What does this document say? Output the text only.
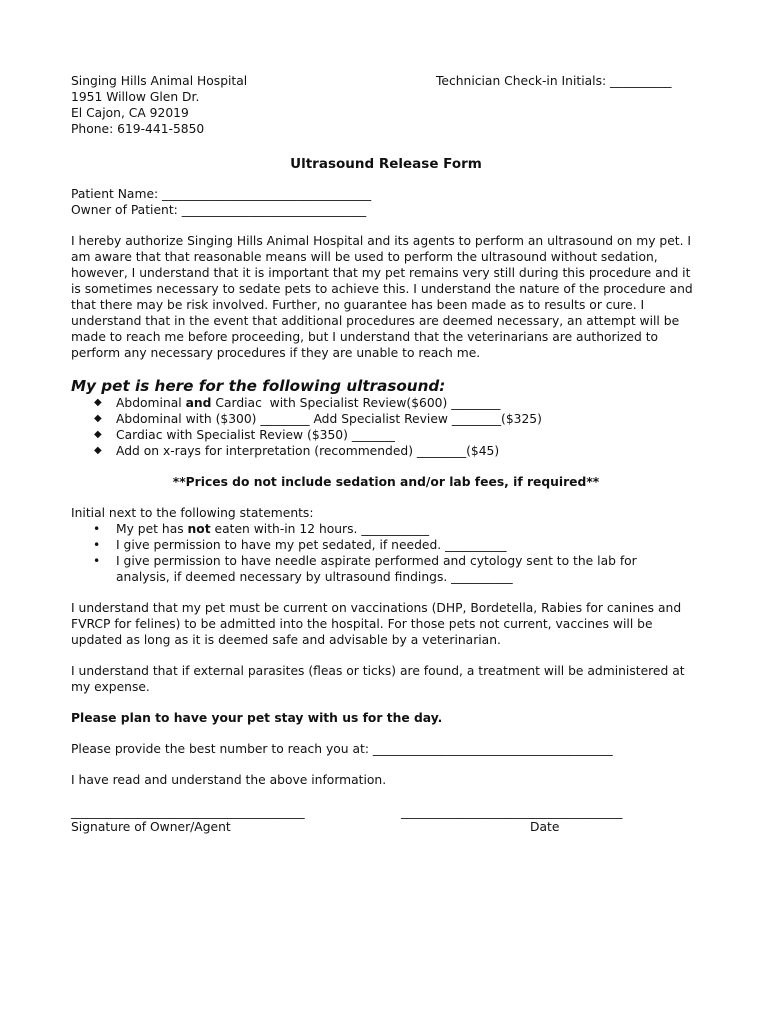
Singing Hills Animal Hospital
1951 Willow Glen Dr.
El Cajon, CA 92019
Phone: 619-441-5850
Technician Check-in Initials: __________
Ultrasound Release Form
Patient Name: __________________________________
Owner of Patient: ______________________________
I hereby authorize Singing Hills Animal Hospital and its agents to perform an ultrasound on my pet. I am aware that that reasonable means will be used to perform the ultrasound without sedation, however, I understand that it is important that my pet remains very still during this procedure and it is sometimes necessary to sedate pets to achieve this. I understand the nature of the procedure and that there may be risk involved. Further, no guarantee has been made as to results or cure. I understand that in the event that additional procedures are deemed necessary, an attempt will be made to reach me before proceeding, but I understand that the veterinarians are authorized to perform any necessary procedures if they are unable to reach me.
My pet is here for the following ultrasound:
◆ Abdominal and Cardiac  with Specialist Review($600) ________
◆ Abdominal with ($300) ________ Add Specialist Review ________($325)
◆ Cardiac with Specialist Review ($350) _______
◆ Add on x-rays for interpretation (recommended) ________($45)
**Prices do not include sedation and/or lab fees, if required**
Initial next to the following statements:
• My pet has not eaten with-in 12 hours. ___________
• I give permission to have my pet sedated, if needed. __________
• I give permission to have needle aspirate performed and cytology sent to the lab for
analysis, if deemed necessary by ultrasound findings. __________
I understand that my pet must be current on vaccinations (DHP, Bordetella, Rabies for canines and FVRCP for felines) to be admitted into the hospital. For those pets not current, vaccines will be updated as long as it is deemed safe and advisable by a veterinarian.
I understand that if external parasites (fleas or ticks) are found, a treatment will be administered at my expense.
Please plan to have your pet stay with us for the day.
Please provide the best number to reach you at: _______________________________________
I have read and understand the above information.
______________________________________	____________________________________
Signature of Owner/Agent	Date
